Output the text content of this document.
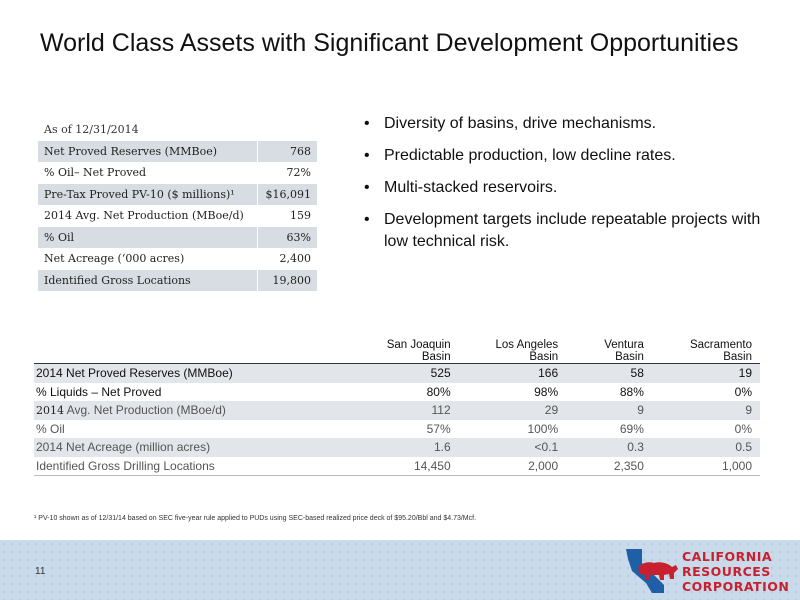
World Class Assets with Significant Development Opportunities
As of 12/31/2014	
Net Proved Reserves (MMBoe)	768
% Oil– Net Proved	72%
Pre-Tax Proved PV-10 ($ millions)¹	$16,091
2014 Avg. Net Production (MBoe/d)	159
% Oil	63%
Net Acreage (‘000 acres)	2,400
Identified Gross Locations	19,800
• Diversity of basins, drive mechanisms.
• Predictable production, low decline rates.
• Multi-stacked reservoirs.
• Development targets include repeatable projects with low technical risk.
	San Joaquin Basin	Los Angeles Basin	Ventura Basin	Sacramento Basin
2014 Net Proved Reserves (MMBoe)	525	166	58	19
% Liquids – Net Proved	80%	98%	88%	0%
2014 Avg. Net Production (MBoe/d)	112	29	9	9
% Oil	57%	100%	69%	0%
2014 Net Acreage (million acres)	1.6	<0.1	0.3	0.5
Identified Gross Drilling Locations	14,450	2,000	2,350	1,000
¹ PV-10 shown as of 12/31/14 based on SEC five-year rule applied to PUDs using SEC-based realized price deck of $95.20/Bbl and $4.73/Mcf.
11
CALIFORNIA
RESOURCES
CORPORATION
